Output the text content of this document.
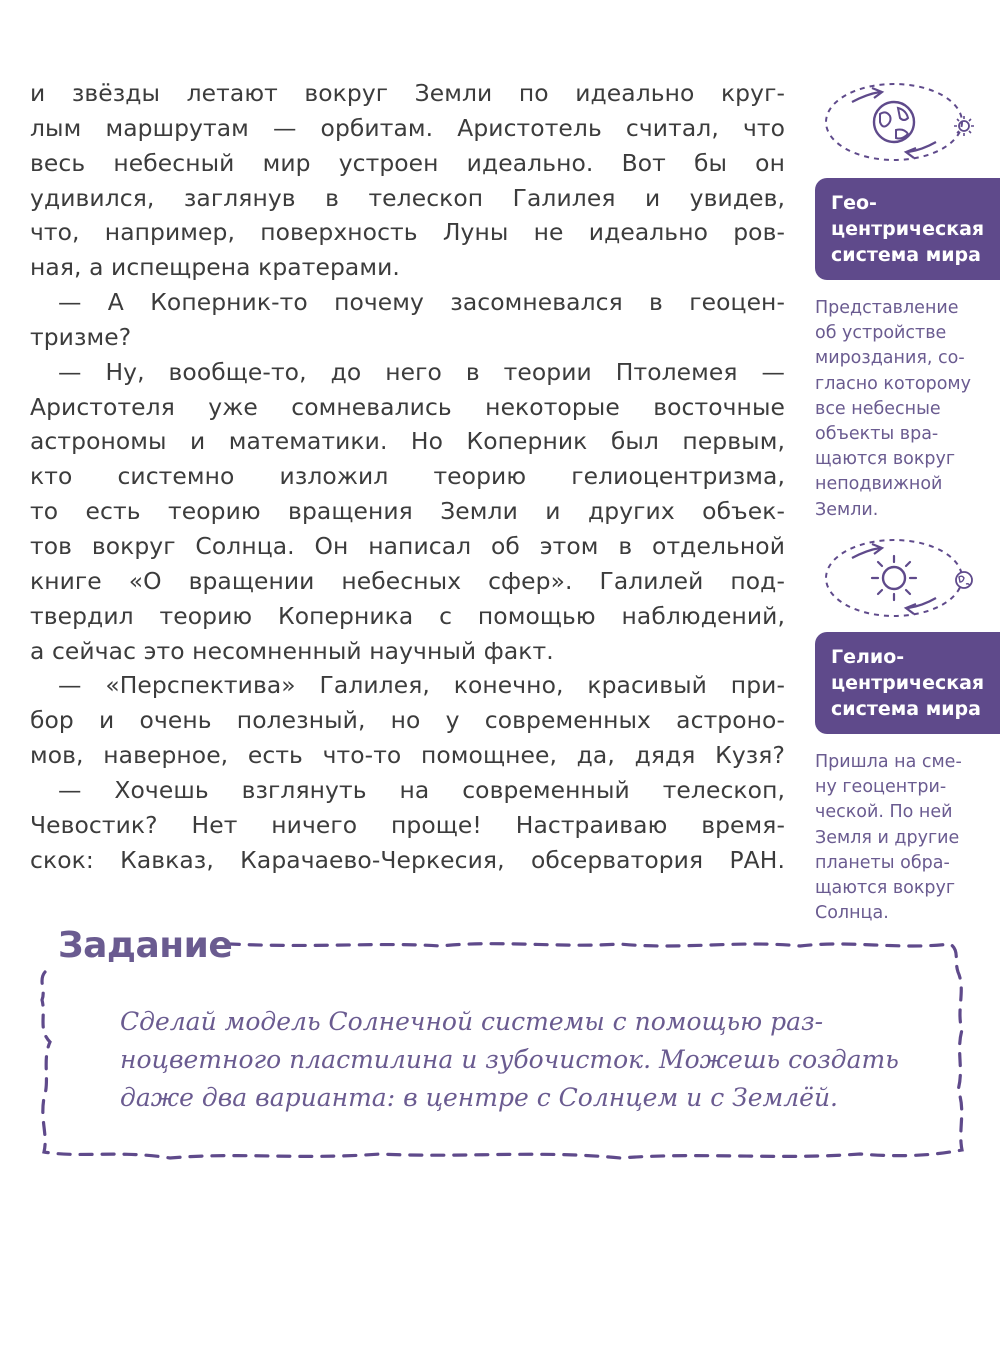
и звёзды летают вокруг Земли по идеально круг-
лым маршрутам — орбитам. Аристотель считал, что
весь небесный мир устроен идеально. Вот бы он
удивился, заглянув в телескоп Галилея и увидев,
что, например, поверхность Луны не идеально ров-
ная, а испещрена кратерами.
— А Коперник-то почему засомневался в геоцен-
тризме?
— Ну, вообще-то, до него в теории Птолемея —
Аристотеля уже сомневались некоторые восточные
астрономы и математики. Но Коперник был первым,
кто системно изложил теорию гелиоцентризма,
то есть теорию вращения Земли и других объек-
тов вокруг Солнца. Он написал об этом в отдельной
книге «О вращении небесных сфер». Галилей под-
твердил теорию Коперника с помощью наблюдений,
а сейчас это несомненный научный факт.
— «Перспектива» Галилея, конечно, красивый при-
бор и очень полезный, но у современных астроно-
мов, наверное, есть что-то помощнее, да, дядя Кузя?
— Хочешь взглянуть на современный телескоп,
Чевостик? Нет ничего проще! Настраиваю время-
скок: Кавказ, Карачаево-Черкесия, обсерватория РАН.
Гео-
центрическая
система мира
Представление
об устройстве
мироздания, со-
гласно которому
все небесные
объекты вра-
щаются вокруг
неподвижной
Земли.
Гелио-
центрическая
система мира
Пришла на сме-
ну геоцентри-
ческой. По ней
Земля и другие
планеты обра-
щаются вокруг
Солнца.
Задание
Сделай модель Солнечной системы с помощью раз-
ноцветного пластилина и зубочисток. Можешь создать
даже два варианта: в центре с Солнцем и с Землёй.
